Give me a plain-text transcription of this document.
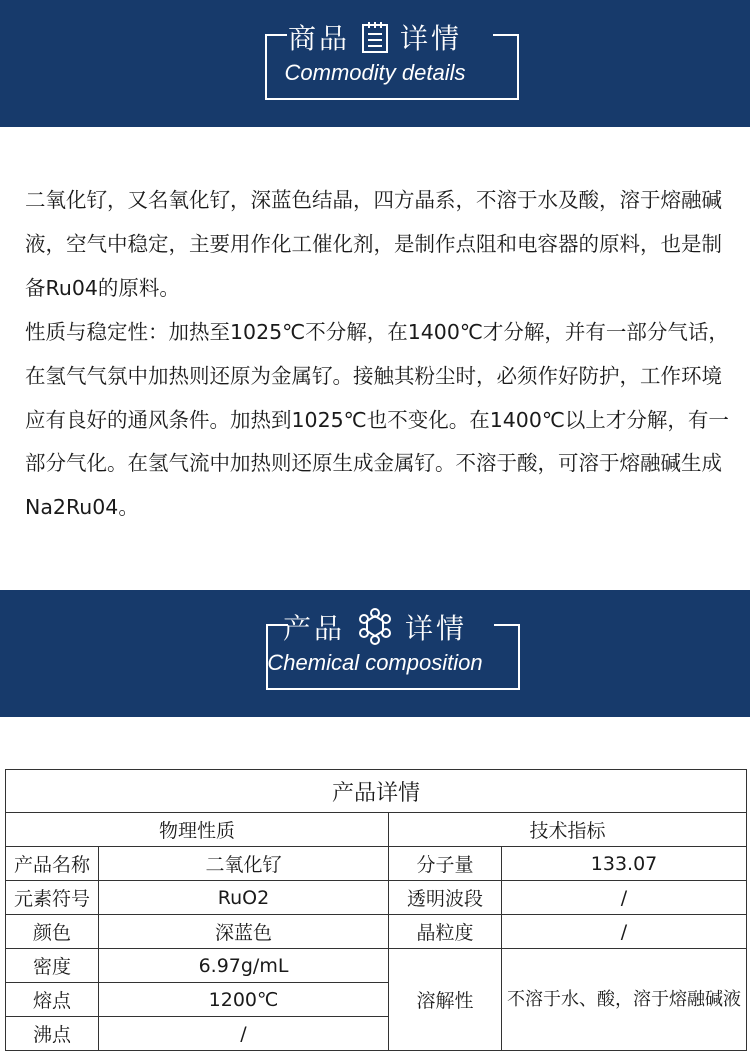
商品 详情
Commodity details

二氧化钌，又名氧化钌，深蓝色结晶，四方晶系，不溶于水及酸，溶于熔融碱液，空气中稳定，主要用作化工催化剂，是制作点阻和电容器的原料，也是制备Ru04的原料。

性质与稳定性：加热至1025℃不分解，在1400℃才分解，并有一部分气话，在氢气气氛中加热则还原为金属钌。接触其粉尘时，必须作好防护，工作环境应有良好的通风条件。加热到1025℃也不变化。在1400℃以上才分解，有一部分气化。在氢气流中加热则还原生成金属钌。不溶于酸，可溶于熔融碱生成Na2Ru04。

产品 详情
Chemical composition
产品详情			
物理性质		技术指标	
产品名称	二氧化钌	分子量	133.07
元素符号	RuO2	透明波段	/
颜色	深蓝色	晶粒度	/
密度	6.97g/mL	溶解性	不溶于水、酸，溶于熔融碱液
熔点	1200℃		
沸点	/		
